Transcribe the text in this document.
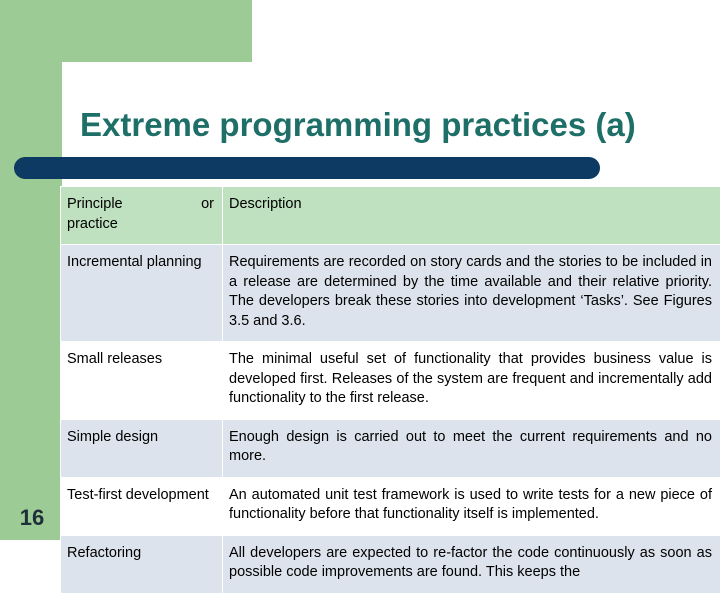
Extreme programming practices (a)
Principle or
practice	Description
Incremental planning	Requirements are recorded on story cards and the stories to be included in a release are determined by the time available and their relative priority. The developers break these stories into development ‘Tasks’. See Figures 3.5 and 3.6.
Small releases	The minimal useful set of functionality that provides business value is developed first. Releases of the system are frequent and incrementally add functionality to the first release.
Simple design	Enough design is carried out to meet the current requirements and no more.
Test-first development	An automated unit test framework is used to write tests for a new piece of functionality before that functionality itself is implemented.
Refactoring	All developers are expected to re-factor the code continuously as soon as possible code improvements are found. This keeps the
16
